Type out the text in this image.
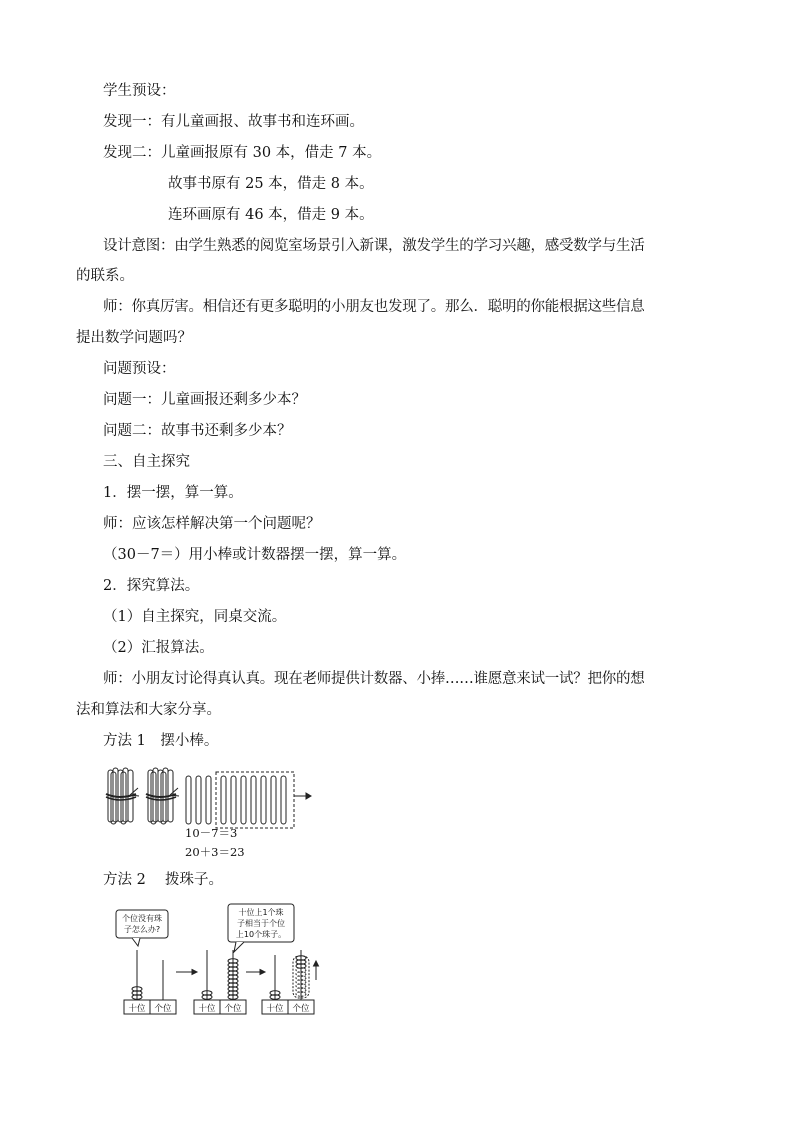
学生预设：
发现一：有儿童画报、故事书和连环画。
发现二：儿童画报原有 30 本，借走 7 本。
故事书原有 25 本，借走 8 本。
连环画原有 46 本，借走 9 本。
设计意图：由学生熟悉的阅览室场景引入新课，激发学生的学习兴趣，感受数学与生活
的联系。
师：你真厉害。相信还有更多聪明的小朋友也发现了。那么．聪明的你能根据这些信息
提出数学问题吗？
问题预设：
问题一：儿童画报还剩多少本？
问题二：故事书还剩多少本？
三、自主探究
1．摆一摆，算一算。
师：应该怎样解决第一个问题呢？
（30－7＝）用小棒或计数器摆一摆，算一算。
2．探究算法。
（1）自主探究，同桌交流。
（2）汇报算法。
师：小朋友讨论得真认真。现在老师提供计数器、小捧……谁愿意来试一试？把你的想
法和算法和大家分享。
方法 1　摆小棒。
方法 2　 拨珠子。
10－7＝3
20＋3＝23
个位没有珠
子怎么办?
十位 个位
十位上1个珠
子相当于个位
上10个珠子。
十位 个位	十位 个位
